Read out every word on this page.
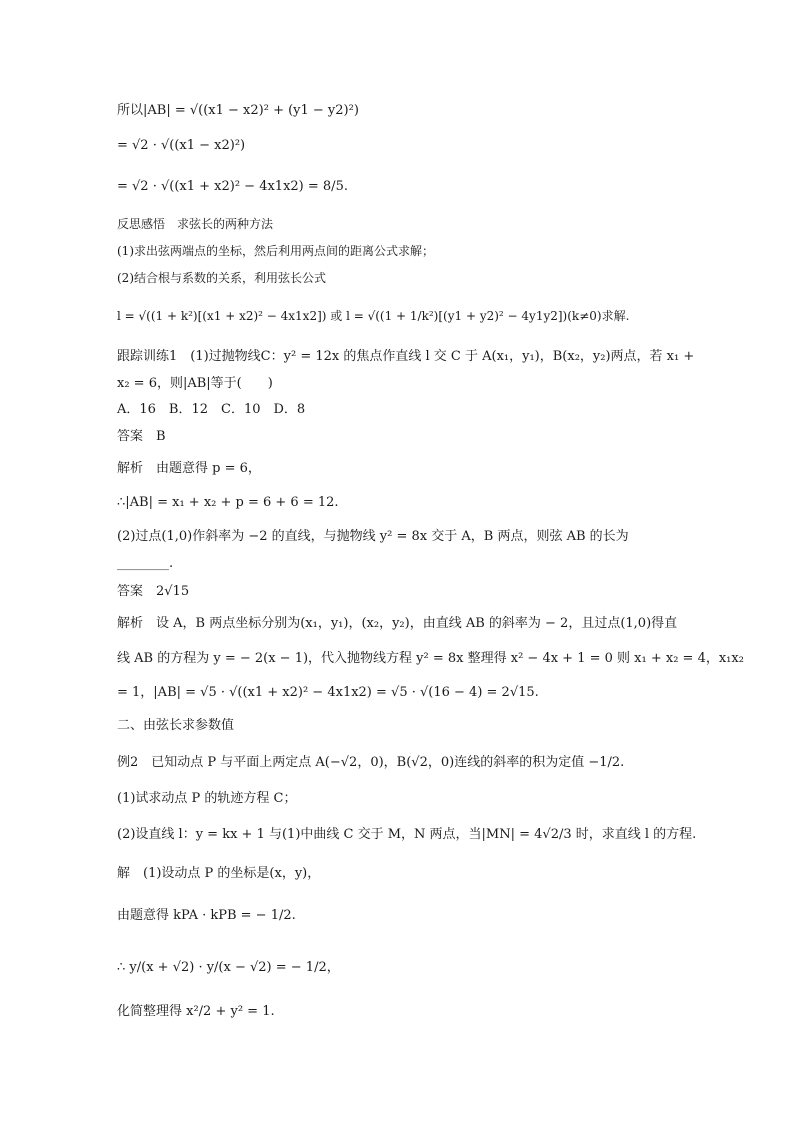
所以|AB| = √((x1 − x2)² + (y1 − y2)²)
= √2 · √((x1 − x2)²)
= √2 · √((x1 + x2)² − 4x1x2) = 8/5.
反思感悟　求弦长的两种方法
(1)求出弦两端点的坐标，然后利用两点间的距离公式求解；
(2)结合根与系数的关系，利用弦长公式
l = √((1 + k²)[(x1 + x2)² − 4x1x2]) 或 l = √((1 + 1/k²)[(y1 + y2)² − 4y1y2])(k≠0)求解.
跟踪训练1　(1)过抛物线C：y² = 12x 的焦点作直线 l 交 C 于 A(x₁，y₁)，B(x₂，y₂)两点，若 x₁ +
x₂ = 6，则|AB|等于(　　)
A．16　B．12　C．10　D．8
答案　B
解析　由题意得 p = 6，
∴|AB| = x₁ + x₂ + p = 6 + 6 = 12.
(2)过点(1,0)作斜率为 −2 的直线，与抛物线 y² = 8x 交于 A，B 两点，则弦 AB 的长为
________.
答案　2√15
解析　设 A，B 两点坐标分别为(x₁，y₁)，(x₂，y₂)，由直线 AB 的斜率为 − 2，且过点(1,0)得直
线 AB 的方程为 y = − 2(x − 1)，代入抛物线方程 y² = 8x 整理得 x² − 4x + 1 = 0 则 x₁ + x₂ = 4，x₁x₂
= 1，|AB| = √5 · √((x1 + x2)² − 4x1x2) = √5 · √(16 − 4) = 2√15.
二、由弦长求参数值
例2　已知动点 P 与平面上两定点 A(−√2，0)，B(√2，0)连线的斜率的积为定值 −1/2.
(1)试求动点 P 的轨迹方程 C；
(2)设直线 l：y = kx + 1 与(1)中曲线 C 交于 M，N 两点，当|MN| = 4√2/3 时，求直线 l 的方程.
解　(1)设动点 P 的坐标是(x，y)，
由题意得 kPA · kPB = − 1/2.
∴ y/(x + √2) · y/(x − √2) = − 1/2，
化简整理得 x²/2 + y² = 1.
